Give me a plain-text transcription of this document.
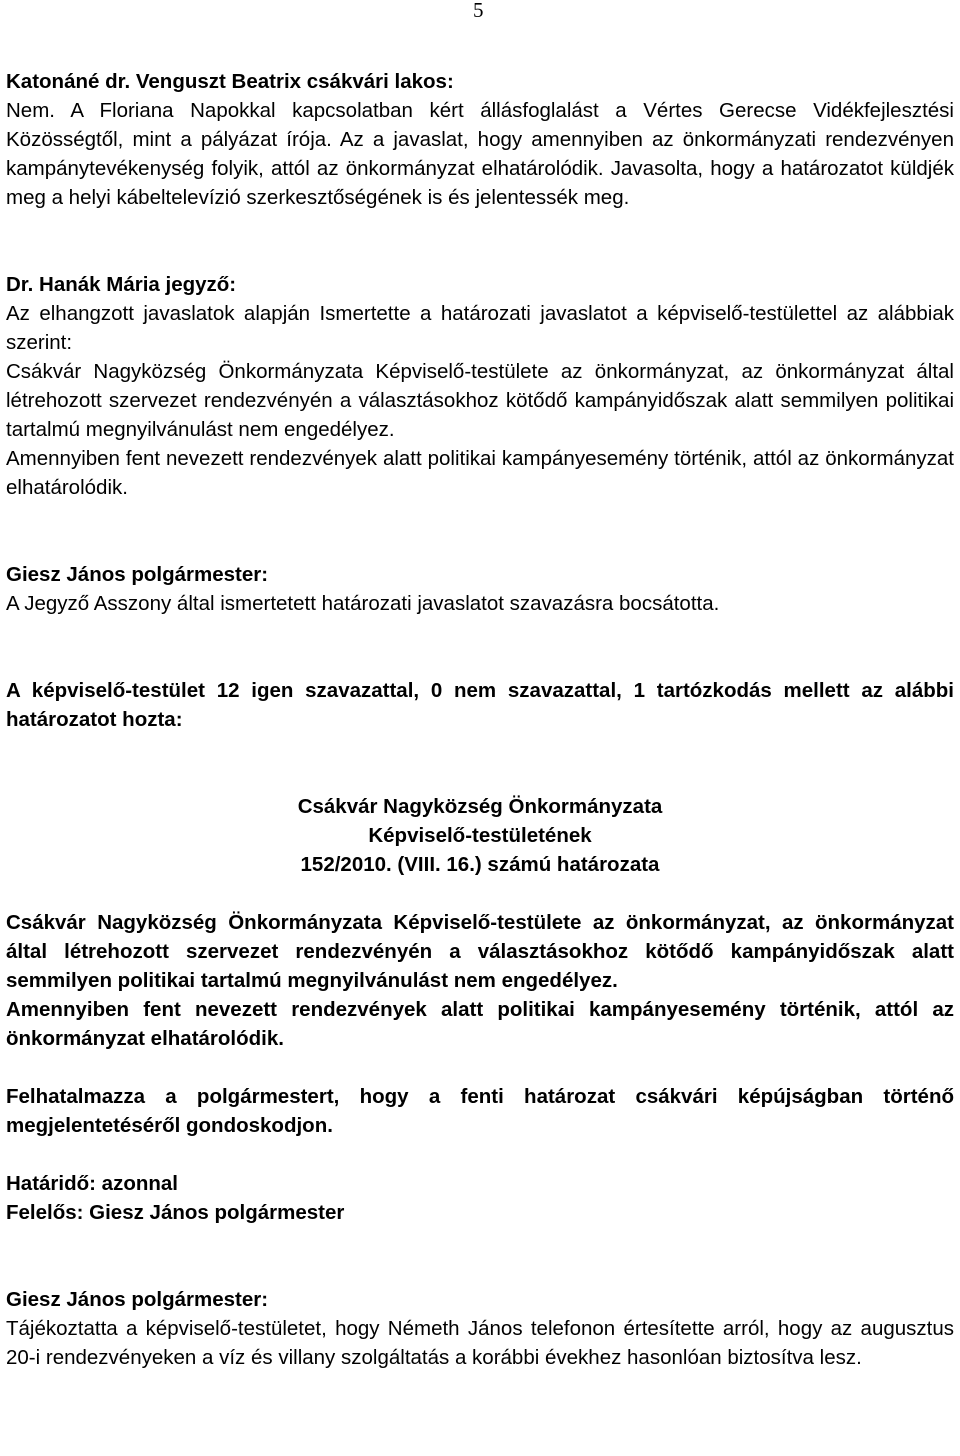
5

Katonáné dr. Venguszt Beatrix csákvári lakos:

Nem. A Floriana Napokkal kapcsolatban kért állásfoglalást a Vértes Gerecse Vidékfejlesztési Közösségtől, mint a pályázat írója. Az a javaslat, hogy amennyiben az önkormányzati rendezvényen kampánytevékenység folyik, attól az önkormányzat elhatárolódik. Javasolta, hogy a határozatot küldjék meg a helyi kábeltelevízió szerkesztőségének is és jelentessék meg.

Dr. Hanák Mária jegyző:

Az elhangzott javaslatok alapján Ismertette a határozati javaslatot a képviselő-testülettel az alábbiak szerint:

Csákvár Nagyközség Önkormányzata Képviselő-testülete az önkormányzat, az önkormányzat által létrehozott szervezet rendezvényén a választásokhoz kötődő kampányidőszak alatt semmilyen politikai tartalmú megnyilvánulást nem engedélyez.

Amennyiben fent nevezett rendezvények alatt politikai kampányesemény történik, attól az önkormányzat elhatárolódik.

Giesz János polgármester:

A Jegyző Asszony által ismertetett határozati javaslatot szavazásra bocsátotta.

A képviselő-testület 12 igen szavazattal, 0 nem szavazattal, 1 tartózkodás mellett az alábbi határozatot hozta:

Csákvár Nagyközség Önkormányzata

Képviselő-testületének

152/2010. (VIII. 16.) számú határozata

Csákvár Nagyközség Önkormányzata Képviselő-testülete az önkormányzat, az önkormányzat által létrehozott szervezet rendezvényén a választásokhoz kötődő kampányidőszak alatt semmilyen politikai tartalmú megnyilvánulást nem engedélyez.

Amennyiben fent nevezett rendezvények alatt politikai kampányesemény történik, attól az önkormányzat elhatárolódik.

Felhatalmazza a polgármestert, hogy a fenti határozat csákvári képújságban történő megjelentetéséről gondoskodjon.

Határidő: azonnal

Felelős: Giesz János polgármester

Giesz János polgármester:

Tájékoztatta a képviselő-testületet, hogy Németh János telefonon értesítette arról, hogy az augusztus 20-i rendezvényeken a víz és villany szolgáltatás a korábbi évekhez hasonlóan biztosítva lesz.
